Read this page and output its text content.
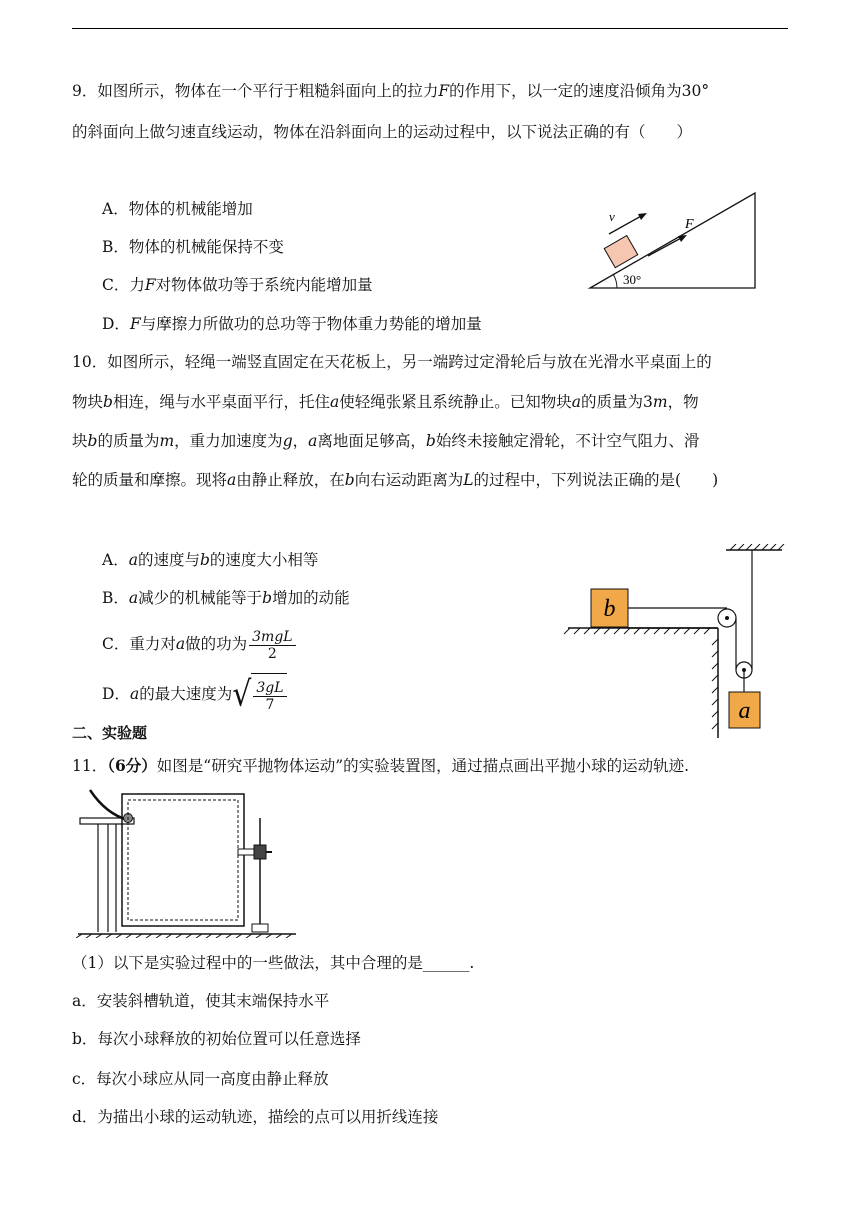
9．如图所示，物体在一个平行于粗糙斜面向上的拉力F的作用下，以一定的速度沿倾角为30°
的斜面向上做匀速直线运动，物体在沿斜面向上的运动过程中，以下说法正确的有（　　）
A．物体的机械能增加
B．物体的机械能保持不变
C．力F对物体做功等于系统内能增加量
D．F与摩擦力所做功的总功等于物体重力势能的增加量
v
F
30°
10．如图所示，轻绳一端竖直固定在天花板上，另一端跨过定滑轮后与放在光滑水平桌面上的
物块b相连，绳与水平桌面平行，托住a使轻绳张紧且系统静止。已知物块a的质量为3m，物
块b的质量为m，重力加速度为g，a离地面足够高，b始终未接触定滑轮，不计空气阻力、滑
轮的质量和摩擦。现将a由静止释放，在b向右运动距离为L的过程中，下列说法正确的是(　　)
A．a的速度与b的速度大小相等
B．a减少的机械能等于b增加的动能
C．重力对a做的功为 $\frac{\text{3mgL}}{2}$
D．a的最大速度为√ $\frac{3gL}{7}$
b
a
二、实验题
11．（6分）如图是“研究平抛物体运动”的实验装置图，通过描点画出平抛小球的运动轨迹.
（1）以下是实验过程中的一些做法，其中合理的是______.
a．安装斜槽轨道，使其末端保持水平
b．每次小球释放的初始位置可以任意选择
c．每次小球应从同一高度由静止释放
d．为描出小球的运动轨迹，描绘的点可以用折线连接
